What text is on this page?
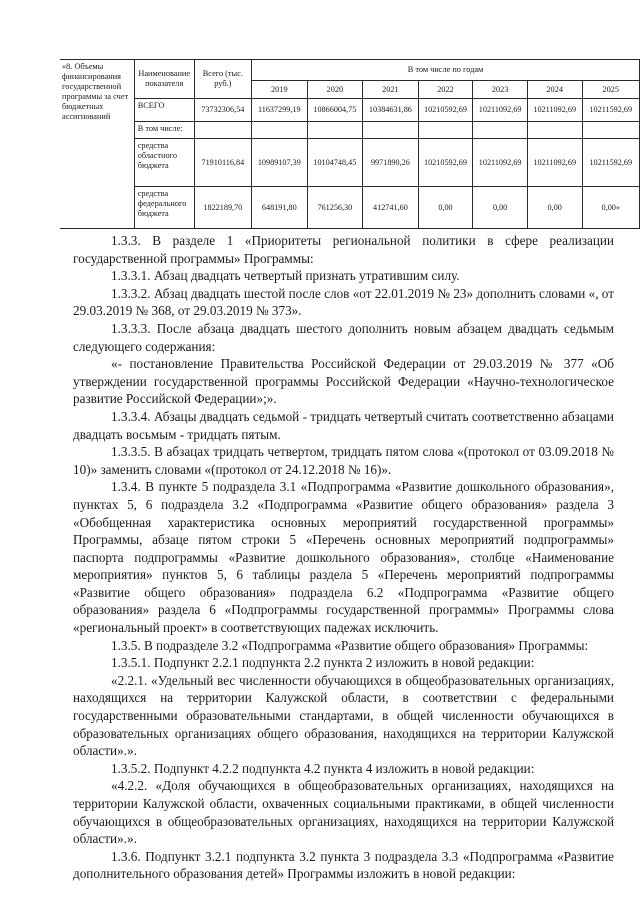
«8. Объемы финансирования государственной программы за счет бюджетных ассигнований	Наименование показателя	Всего (тыс. руб.)	В том числе по годам						
			2019	2020	2021	2022	2023	2024	2025
	ВСЕГО	73732306,54	11637299,19	10866004,75	10384631,86	10210592,69	10211092,69	10211092,69	10211592,69
	В том числе:								
	средства областного бюджета	71910116,84	10989107,39	10104748,45	9971890,26	10210592,69	10211092,69	10211092,69	10211592,69
	средства федерального бюджета	1822189,70	648191,80	761256,30	412741,60	0,00	0,00	0,00	0,00»

1.3.3. В разделе 1 «Приоритеты региональной политики в сфере реализации государственной программы» Программы:

1.3.3.1. Абзац двадцать четвертый признать утратившим силу.

1.3.3.2. Абзац двадцать шестой после слов «от 22.01.2019 № 23» дополнить словами «, от 29.03.2019 № 368, от 29.03.2019 № 373».

1.3.3.3. После абзаца двадцать шестого дополнить новым абзацем двадцать седьмым следующего содержания:

«- постановление Правительства Российской Федерации от 29.03.2019 № 377 «Об утверждении государственной программы Российской Федерации «Научно-технологическое развитие Российской Федерации»;».

1.3.3.4. Абзацы двадцать седьмой - тридцать четвертый считать соответственно абзацами двадцать восьмым - тридцать пятым.

1.3.3.5. В абзацах тридцать четвертом, тридцать пятом слова «(протокол от 03.09.2018 № 10)» заменить словами «(протокол от 24.12.2018 № 16)».

1.3.4. В пункте 5 подраздела 3.1 «Подпрограмма «Развитие дошкольного образования», пунктах 5, 6 подраздела 3.2 «Подпрограмма «Развитие общего образования» раздела 3 «Обобщенная характеристика основных мероприятий государственной программы» Программы, абзаце пятом строки 5 «Перечень основных мероприятий подпрограммы» паспорта подпрограммы «Развитие дошкольного образования», столбце «Наименование мероприятия» пунктов 5, 6 таблицы раздела 5 «Перечень мероприятий подпрограммы «Развитие общего образования» подраздела 6.2 «Подпрограмма «Развитие общего образования» раздела 6 «Подпрограммы государственной программы» Программы слова «региональный проект» в соответствующих падежах исключить.

1.3.5. В подразделе 3.2 «Подпрограмма «Развитие общего образования» Программы:

1.3.5.1. Подпункт 2.2.1 подпункта 2.2 пункта 2 изложить в новой редакции:

«2.2.1. «Удельный вес численности обучающихся в общеобразовательных организациях, находящихся на территории Калужской области, в соответствии с федеральными государственными образовательными стандартами, в общей численности обучающихся в образовательных организациях общего образования, находящихся на территории Калужской области».».

1.3.5.2. Подпункт 4.2.2 подпункта 4.2 пункта 4 изложить в новой редакции:

«4.2.2. «Доля обучающихся в общеобразовательных организациях, находящихся на территории Калужской области, охваченных социальными практиками, в общей численности обучающихся в общеобразовательных организациях, находящихся на территории Калужской области».».

1.3.6. Подпункт 3.2.1 подпункта 3.2 пункта 3 подраздела 3.3 «Подпрограмма «Развитие дополнительного образования детей» Программы изложить в новой редакции:
